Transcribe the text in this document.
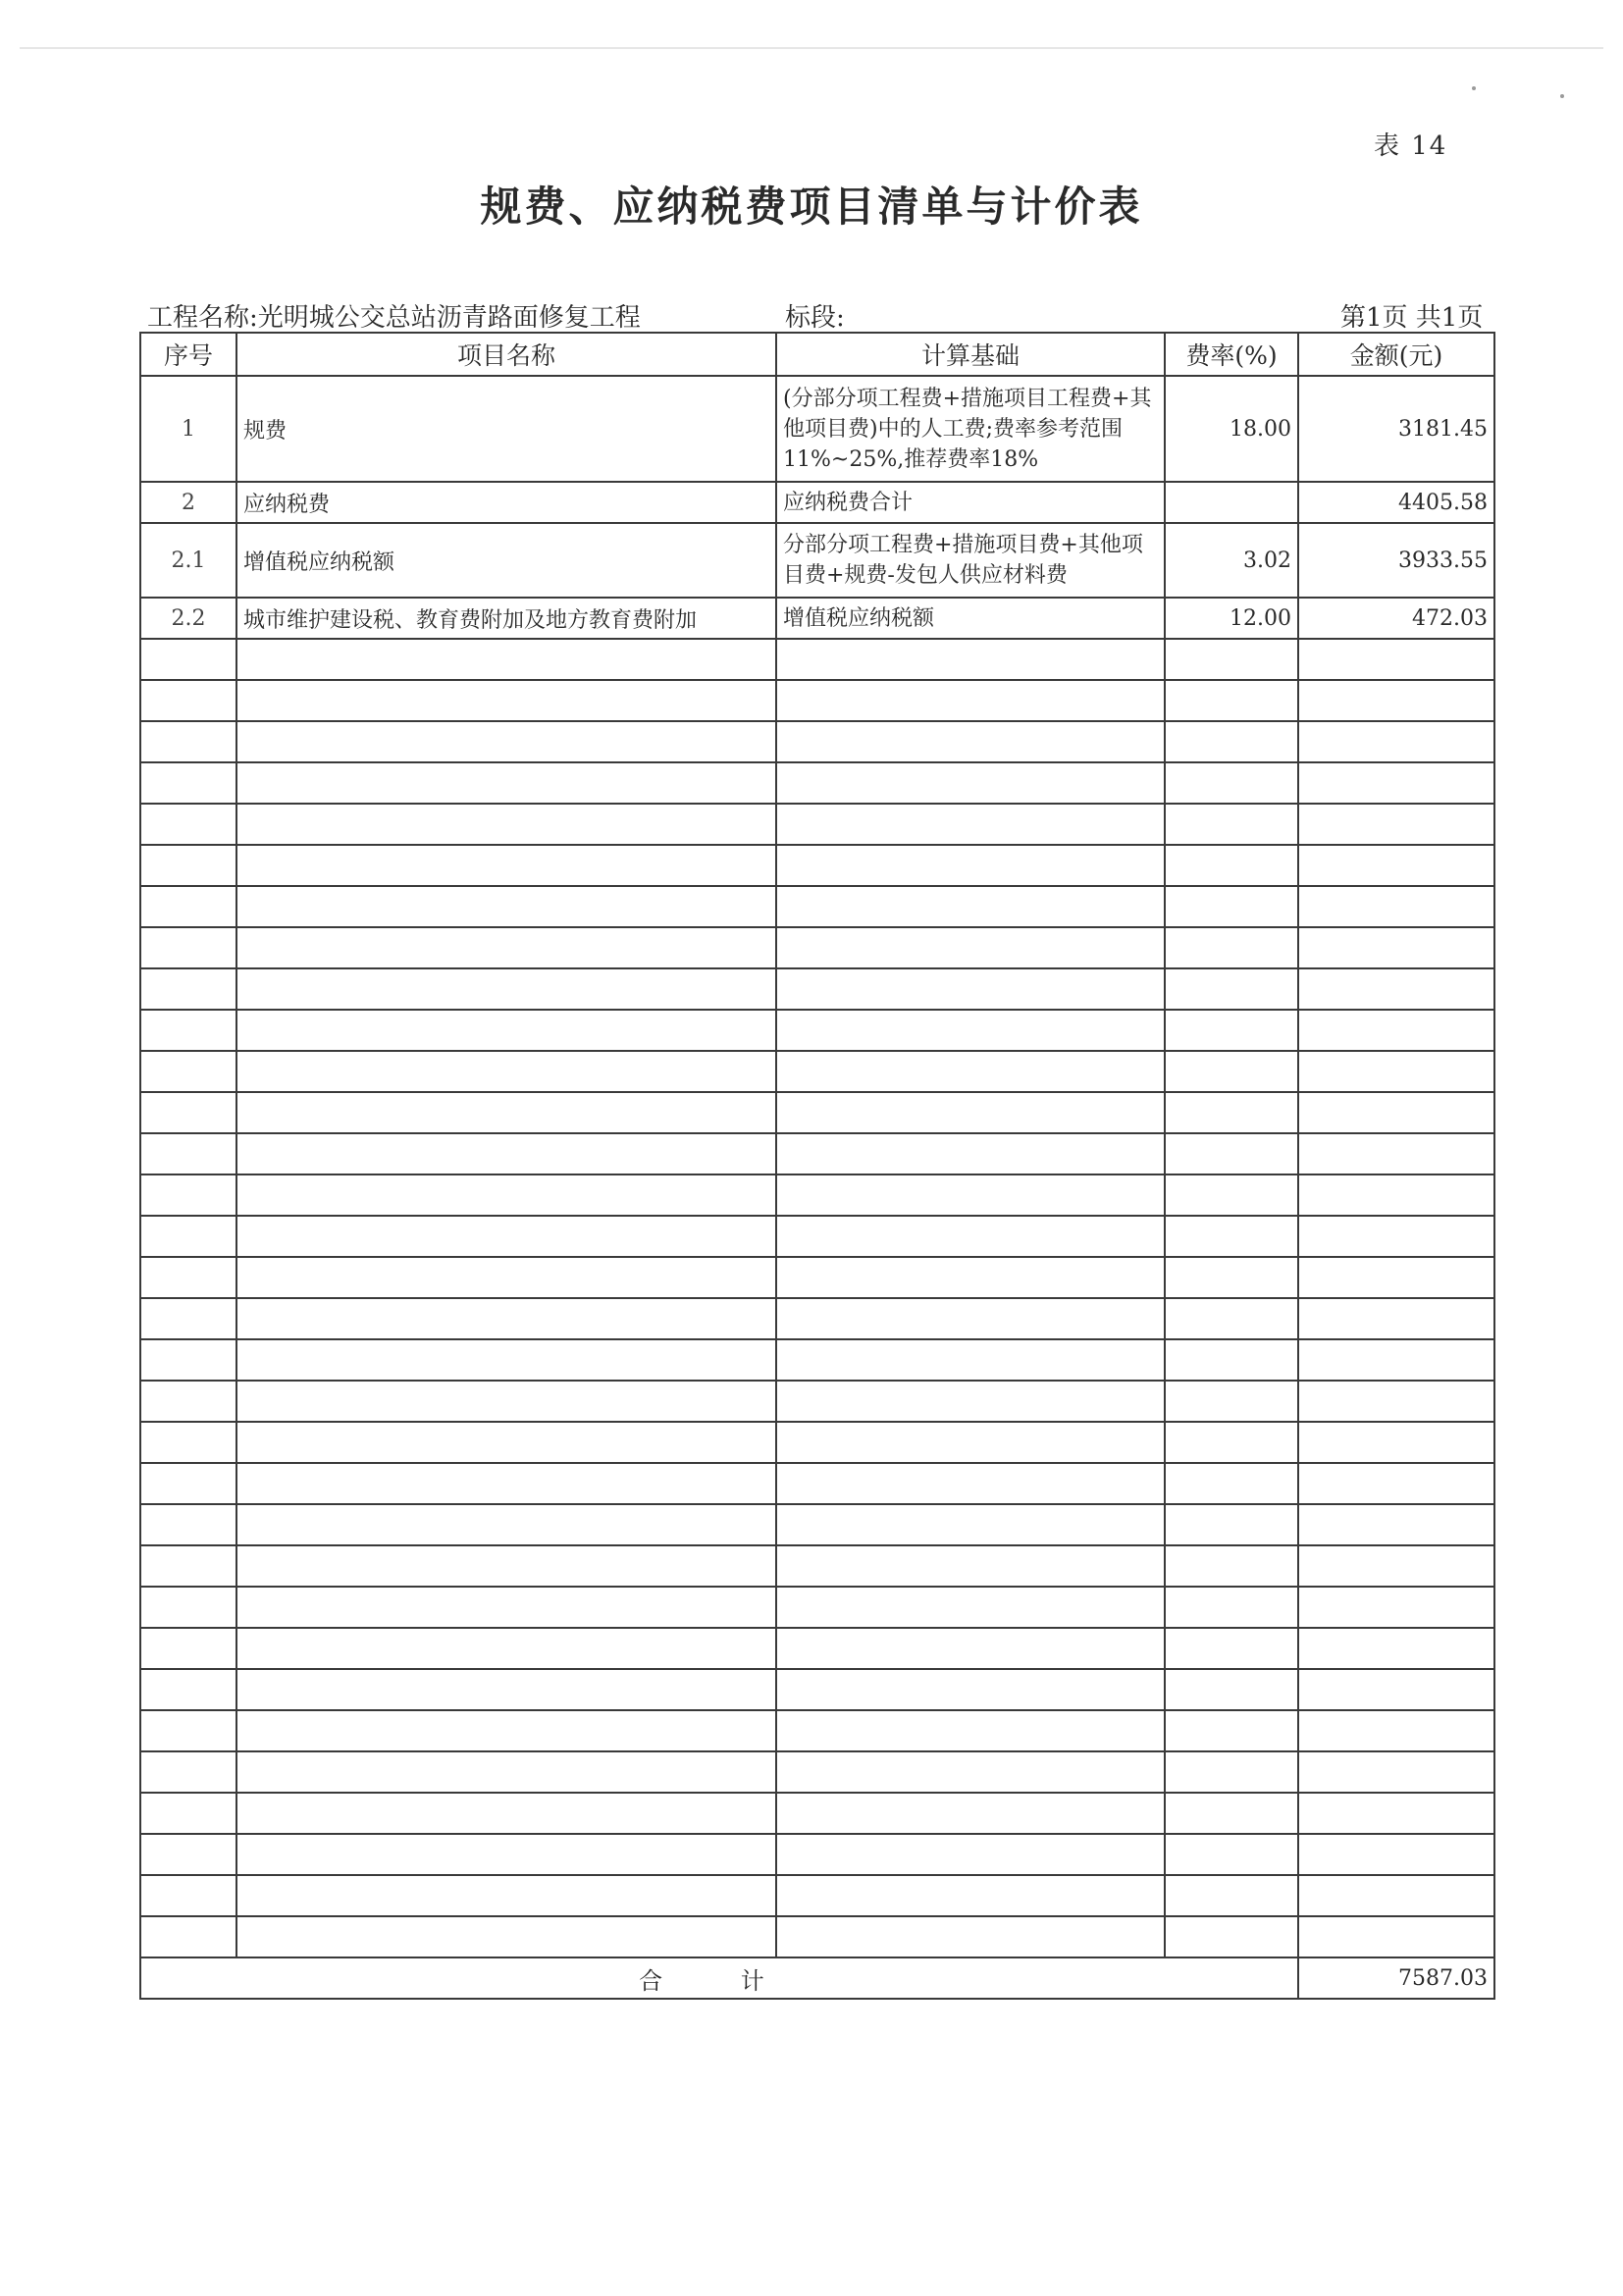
表 14
规费、应纳税费项目清单与计价表
工程名称:光明城公交总站沥青路面修复工程	标段:	第1页 共1页
序号	项目名称	计算基础	费率(%)	金额(元)
1	规费	(分部分项工程费+措施项目工程费+其他项目费)中的人工费;费率参考范围11%~25%,推荐费率18%	18.00	3181.45
2	应纳税费	应纳税费合计		4405.58
2.1	增值税应纳税额	分部分项工程费+措施项目费+其他项目费+规费-发包人供应材料费	3.02	3933.55
2.2	城市维护建设税、教育费附加及地方教育费附加	增值税应纳税额	12.00	472.03

合 计				7587.03
